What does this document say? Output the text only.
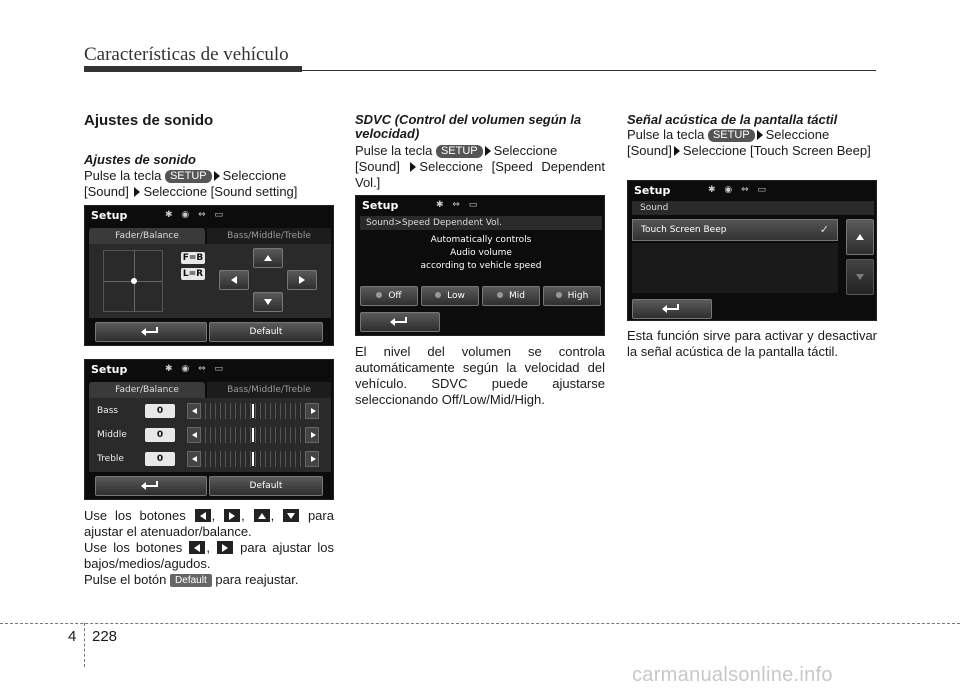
Características de vehículo
Ajustes de sonido
Ajustes de sonido

Pulse la tecla SETUP Seleccione
[Sound] Seleccione [Sound setting]

Setup	✱ ◉ ⇔ ▭
Fader/Balance	Bass/Middle/Treble
F=B
L=R
Default
Setup	✱ ◉ ⇔ ▭
Fader/Balance	Bass/Middle/Treble
Bass	0
Middle	0
Treble	0
Default

Use los botones , , ,  para ajustar el atenuador/balance.

Use los botones ,  para ajustar los bajos/medios/agudos.

Pulse el botón Default para reajustar.

SDVC (Control del volumen según la
velocidad)

Pulse la tecla SETUP Seleccione
[Sound] Seleccione [Speed Dependent Vol.]

Setup	✱ ⇔ ▭
Sound>Speed Dependent Vol.
Automatically controls
Audio volume
according to vehicle speed
Off	Low	Mid	High

El nivel del volumen se controla automáticamente según la velocidad del vehículo. SDVC puede ajustarse seleccionando Off/Low/Mid/High.

Señal acústica de la pantalla táctil

Pulse la tecla SETUP Seleccione
[Sound] Seleccione [Touch Screen Beep]

Setup	✱ ◉ ⇔ ▭
Sound
Touch Screen Beep	✓

Esta función sirve para activar y desactivar la señal acústica de la pantalla táctil.

4 228
carmanualsonline.info
